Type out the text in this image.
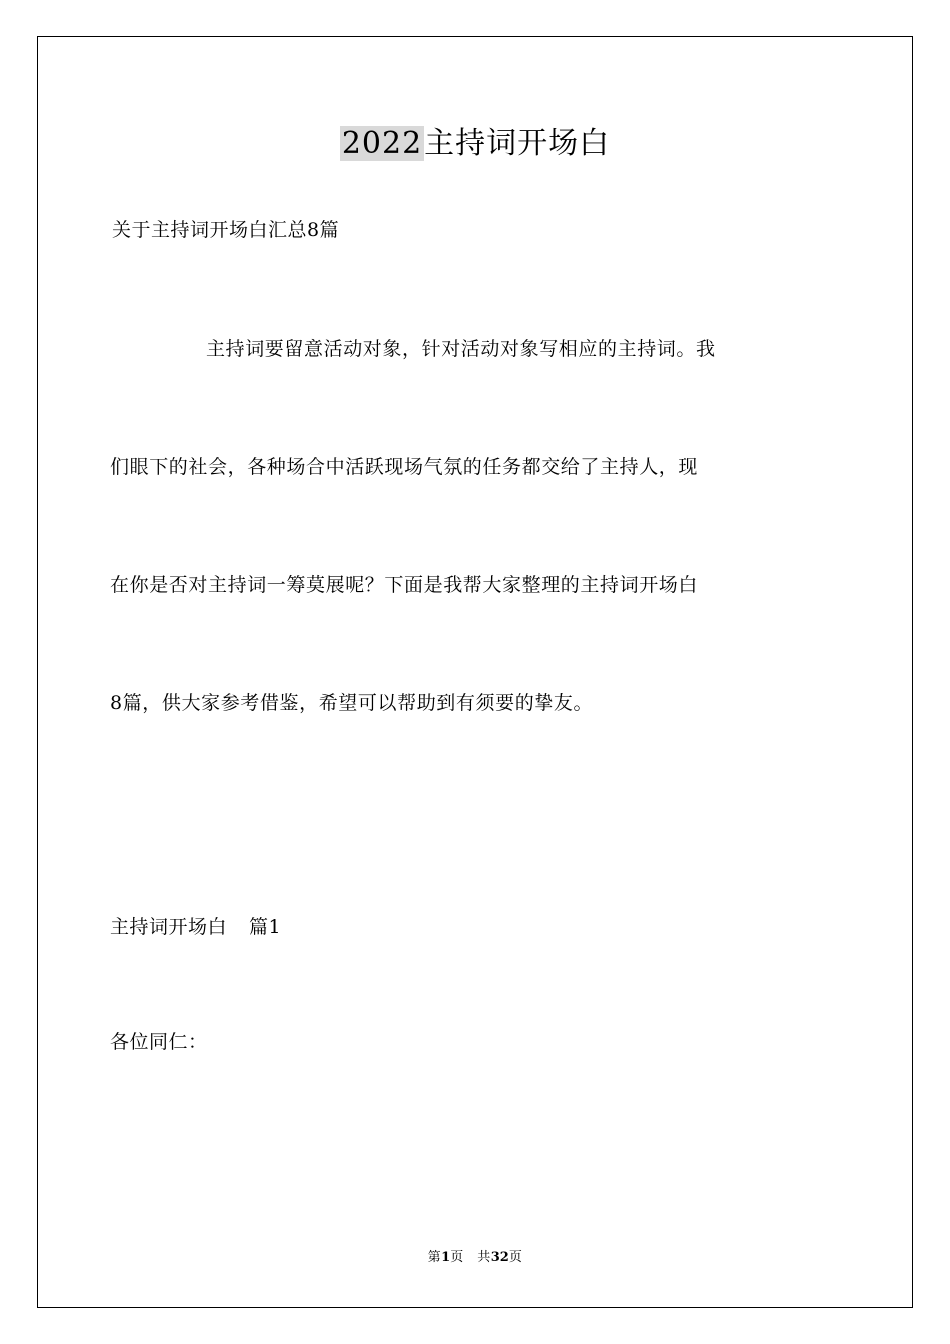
2022主持词开场白
关于主持词开场白汇总8篇

主持词要留意活动对象，针对活动对象写相应的主持词。我

们眼下的社会，各种场合中活跃现场气氛的任务都交给了主持人，现

在你是否对主持词一筹莫展呢？下面是我帮大家整理的主持词开场白

8篇，供大家参考借鉴，希望可以帮助到有须要的挚友。

主持词开场白 篇1
各位同仁：
第1页　共32页
